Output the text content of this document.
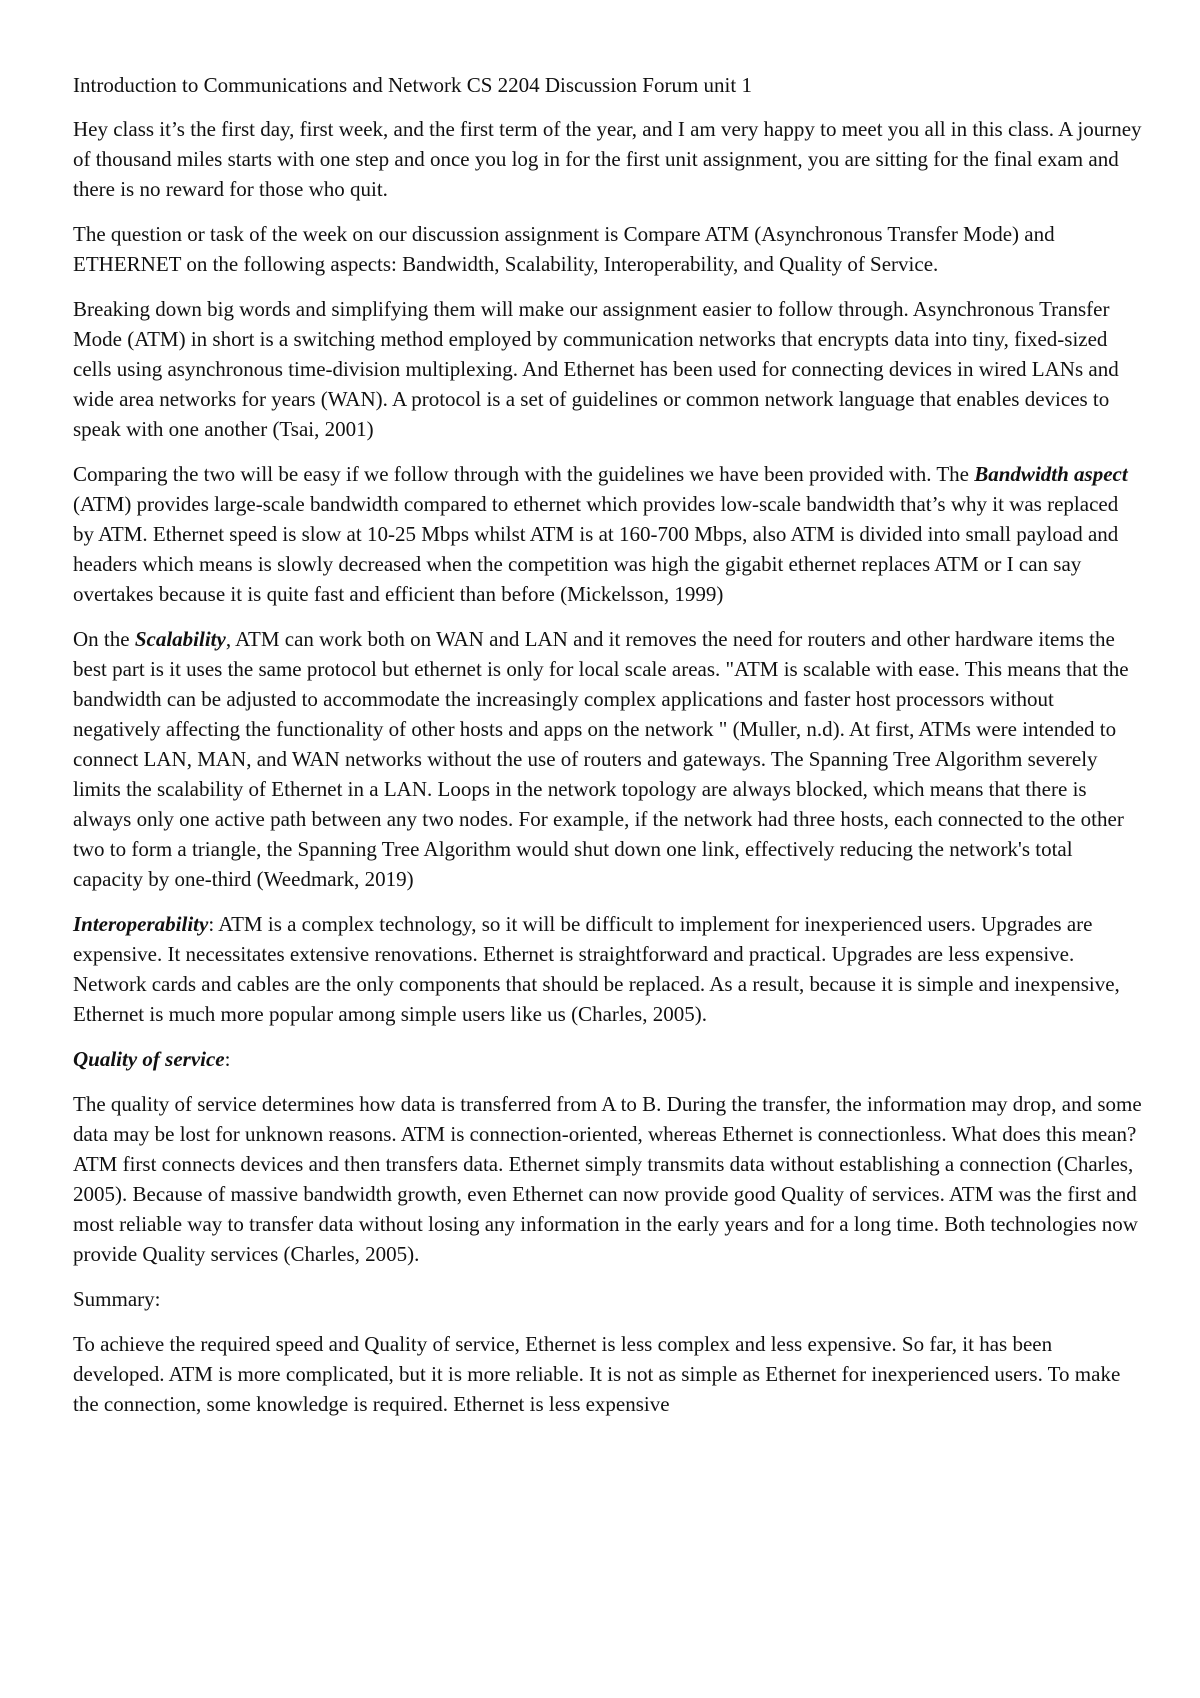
Introduction to Communications and Network CS 2204 Discussion Forum unit 1

Hey class it’s the first day, first week, and the first term of the year, and I am very happy to meet you all in this class. A journey of thousand miles starts with one step and once you log in for the first unit assignment, you are sitting for the final exam and there is no reward for those who quit.

The question or task of the week on our discussion assignment is Compare ATM (Asynchronous Transfer Mode) and ETHERNET on the following aspects: Bandwidth, Scalability, Interoperability, and Quality of Service.

Breaking down big words and simplifying them will make our assignment easier to follow through. Asynchronous Transfer Mode (ATM) in short is a switching method employed by communication networks that encrypts data into tiny, fixed-sized cells using asynchronous time-division multiplexing. And Ethernet has been used for connecting devices in wired LANs and wide area networks for years (WAN). A protocol is a set of guidelines or common network language that enables devices to speak with one another (Tsai, 2001)

Comparing the two will be easy if we follow through with the guidelines we have been provided with. The Bandwidth aspect (ATM) provides large-scale bandwidth compared to ethernet which provides low-scale bandwidth that’s why it was replaced by ATM. Ethernet speed is slow at 10-25 Mbps whilst ATM is at 160-700 Mbps, also ATM is divided into small payload and headers which means is slowly decreased when the competition was high the gigabit ethernet replaces ATM or I can say overtakes because it is quite fast and efficient than before (Mickelsson, 1999)

On the Scalability, ATM can work both on WAN and LAN and it removes the need for routers and other hardware items the best part is it uses the same protocol but ethernet is only for local scale areas. "ATM is scalable with ease. This means that the bandwidth can be adjusted to accommodate the increasingly complex applications and faster host processors without negatively affecting the functionality of other hosts and apps on the network " (Muller, n.d). At first, ATMs were intended to connect LAN, MAN, and WAN networks without the use of routers and gateways. The Spanning Tree Algorithm severely limits the scalability of Ethernet in a LAN. Loops in the network topology are always blocked, which means that there is always only one active path between any two nodes. For example, if the network had three hosts, each connected to the other two to form a triangle, the Spanning Tree Algorithm would shut down one link, effectively reducing the network's total capacity by one-third (Weedmark, 2019)

Interoperability: ATM is a complex technology, so it will be difficult to implement for inexperienced users. Upgrades are expensive. It necessitates extensive renovations. Ethernet is straightforward and practical. Upgrades are less expensive. Network cards and cables are the only components that should be replaced. As a result, because it is simple and inexpensive, Ethernet is much more popular among simple users like us (Charles, 2005).

Quality of service:

The quality of service determines how data is transferred from A to B. During the transfer, the information may drop, and some data may be lost for unknown reasons. ATM is connection-oriented, whereas Ethernet is connectionless. What does this mean? ATM first connects devices and then transfers data. Ethernet simply transmits data without establishing a connection (Charles, 2005). Because of massive bandwidth growth, even Ethernet can now provide good Quality of services. ATM was the first and most reliable way to transfer data without losing any information in the early years and for a long time. Both technologies now provide Quality services (Charles, 2005).

Summary:

To achieve the required speed and Quality of service, Ethernet is less complex and less expensive. So far, it has been developed. ATM is more complicated, but it is more reliable. It is not as simple as Ethernet for inexperienced users. To make the connection, some knowledge is required. Ethernet is less expensive
